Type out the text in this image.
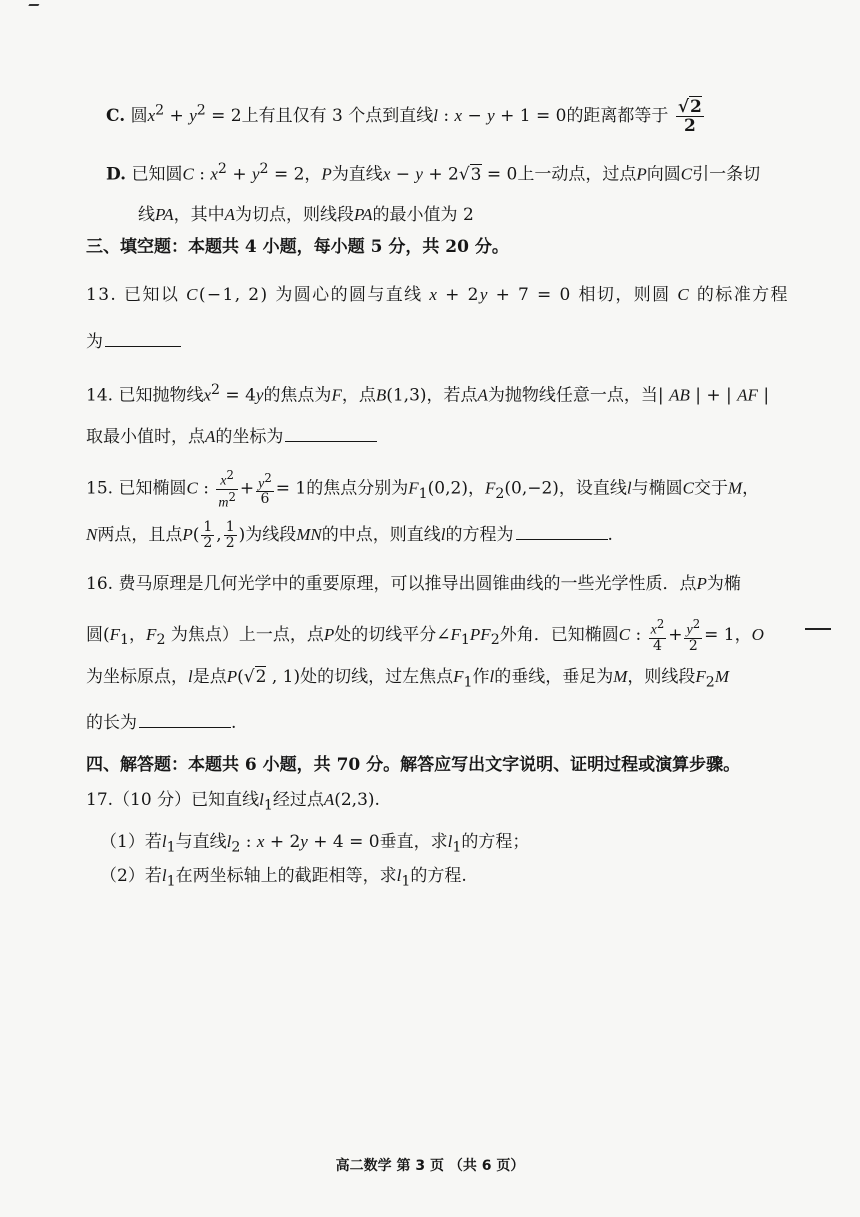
C. 圆$x^2 + y^2 = 2$上有且仅有 3 个点到直线l : x − y + 1 = 0的距离都等于 $\frac{√2}{2}$
D. 已知圆C : $x^2 + y^2 = 2$，P为直线x − y + 2√3 = 0上一动点，过点P向圆C引一条切
线PA，其中A为切点，则线段PA的最小值为 2
三、填空题：本题共 4 小题，每小题 5 分，共 20 分。
13. 已知以 C(−1, 2) 为圆心的圆与直线 x + 2y + 7 = 0 相切，则圆 C 的标准方程
为
14. 已知抛物线$x^2 = 4y$的焦点为F，点B(1,3)，若点A为抛物线任意一点，当| AB | + | AF |
取最小值时，点A的坐标为
15. 已知椭圆C : $\frac{x^2}{m^2} + \frac{y^2}{6} = 1$的焦点分别为$F_1(0,2)$，$F_2(0,-2)$，设直线l与椭圆C交于M，
N两点，且点$P( \frac{1}{2}$ , $\frac{1}{2}$ )为线段MN的中点，则直线l的方程为	.
16. 费马原理是几何光学中的重要原理，可以推导出圆锥曲线的一些光学性质．点P为椭
圆($F_1$，$F_2$ 为焦点）上一点，点P处的切线平分$\angle F_1PF_2$外角．已知椭圆C : $\frac{x^2}{4} + \frac{y^2}{2} = 1$，O
为坐标原点，l是点P(√2 , 1)处的切线，过左焦点$F_1$作l的垂线，垂足为M，则线段$F_2M$
的长为	.
四、解答题：本题共 6 小题，共 70 分。解答应写出文字说明、证明过程或演算步骤。
17.（10 分）已知直线$l_1$经过点A(2,3).
（1）若$l_1$与直线$l_2$ : x + 2y + 4 = 0垂直，求$l_1$的方程；
（2）若$l_1$在两坐标轴上的截距相等，求$l_1$的方程.
高二数学 第 3 页 （共 6 页）
